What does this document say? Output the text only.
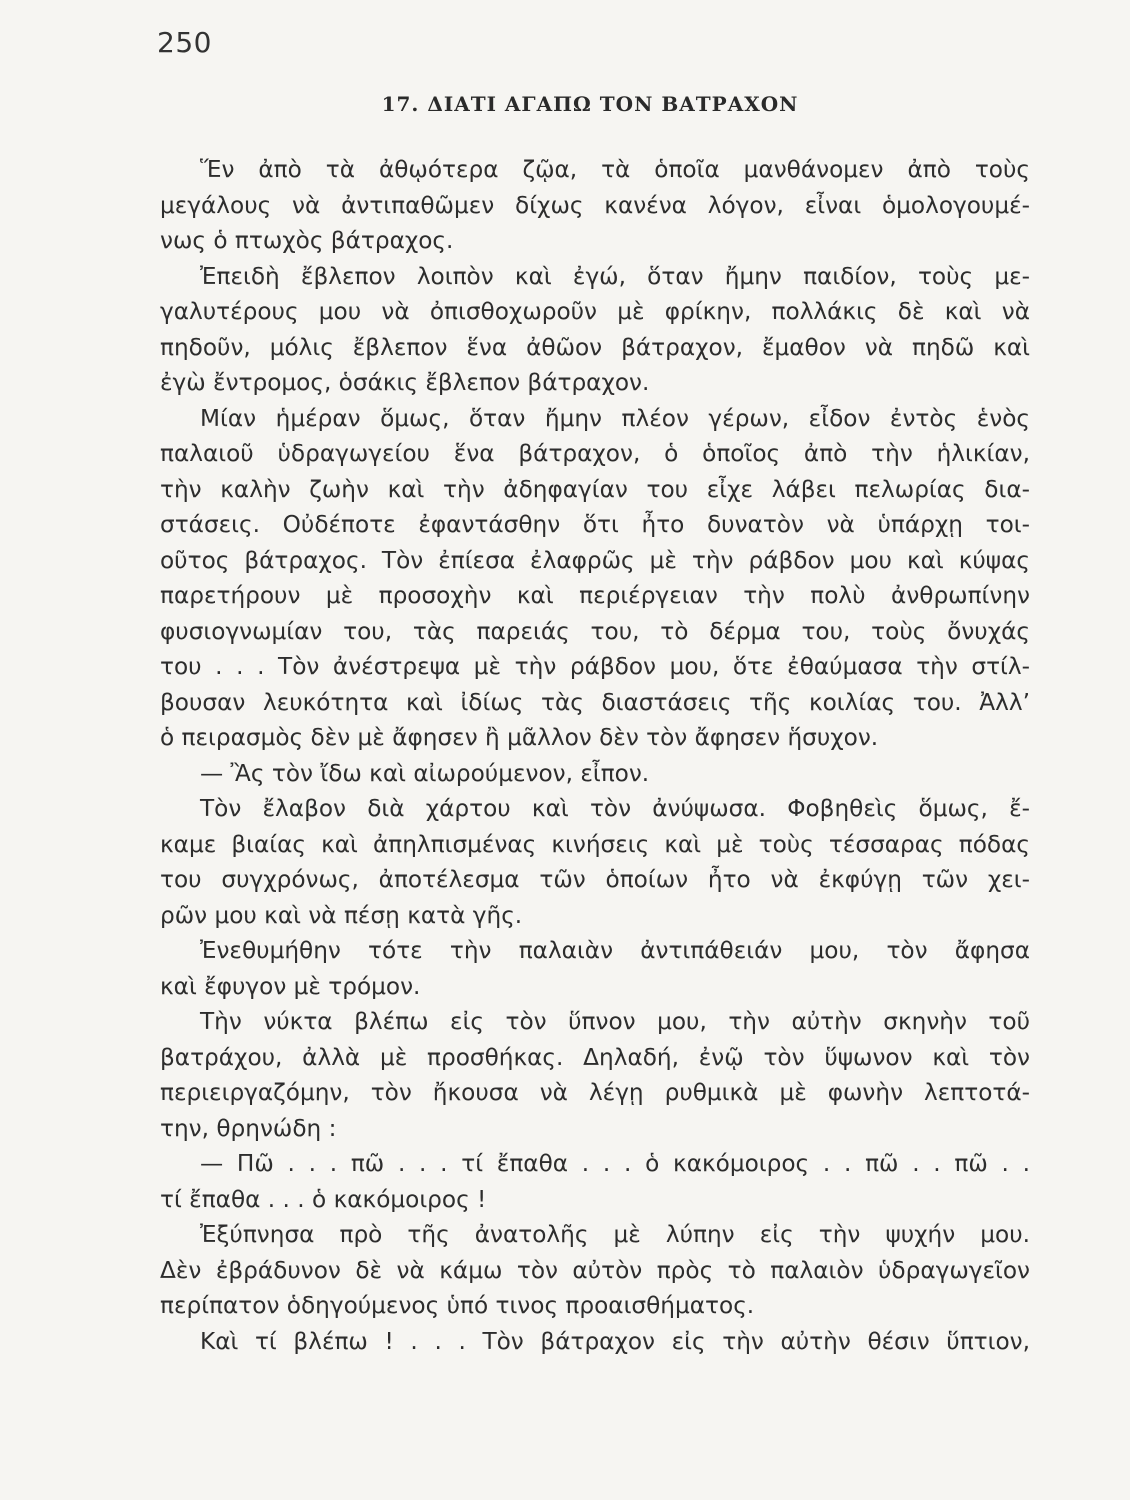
250
17. ΔΙΑΤΙ ΑΓΑΠΩ ΤΟΝ ΒΑΤΡΑΧΟΝ
Ἕν ἀπὸ τὰ ἀθῳότερα ζῷα, τὰ ὁποῖα μανθάνομεν ἀπὸ τοὺς
μεγάλους νὰ ἀντιπαθῶμεν δίχως κανένα λόγον, εἶναι ὁμολογουμέ-
νως ὁ πτωχὸς βάτραχος.
Ἐπειδὴ ἔβλεπον λοιπὸν καὶ ἐγώ, ὅταν ἤμην παιδίον, τοὺς με-
γαλυτέρους μου νὰ ὀπισθοχωροῦν μὲ φρίκην, πολλάκις δὲ καὶ νὰ
πηδοῦν, μόλις ἔβλεπον ἕνα ἀθῶον βάτραχον, ἔμαθον νὰ πηδῶ καὶ
ἐγὼ ἔντρομος, ὁσάκις ἔβλεπον βάτραχον.
Μίαν ἡμέραν ὅμως, ὅταν ἤμην πλέον γέρων, εἶδον ἐντὸς ἑνὸς
παλαιοῦ ὑδραγωγείου ἕνα βάτραχον, ὁ ὁποῖος ἀπὸ τὴν ἡλικίαν,
τὴν καλὴν ζωὴν καὶ τὴν ἀδηφαγίαν του εἶχε λάβει πελωρίας δια-
στάσεις. Οὐδέποτε ἐφαντάσθην ὅτι ἦτο δυνατὸν νὰ ὑπάρχῃ τοι-
οῦτος βάτραχος. Τὸν ἐπίεσα ἐλαφρῶς μὲ τὴν ράβδον μου καὶ κύψας
παρετήρουν μὲ προσοχὴν καὶ περιέργειαν τὴν πολὺ ἀνθρωπίνην
φυσιογνωμίαν του, τὰς παρειάς του, τὸ δέρμα του, τοὺς ὄνυχάς
του . . . Τὸν ἀνέστρεψα μὲ τὴν ράβδον μου, ὅτε ἐθαύμασα τὴν στίλ-
βουσαν λευκότητα καὶ ἰδίως τὰς διαστάσεις τῆς κοιλίας του. Ἀλλ’
ὁ πειρασμὸς δὲν μὲ ἄφησεν ἢ μᾶλλον δὲν τὸν ἄφησεν ἥσυχον.
— Ἂς τὸν ἴδω καὶ αἰωρούμενον, εἶπον.
Τὸν ἔλαβον διὰ χάρτου καὶ τὸν ἀνύψωσα. Φοβηθεὶς ὅμως, ἔ-
καμε βιαίας καὶ ἀπηλπισμένας κινήσεις καὶ μὲ τοὺς τέσσαρας πόδας
του συγχρόνως, ἀποτέλεσμα τῶν ὁποίων ἦτο νὰ ἐκφύγῃ τῶν χει-
ρῶν μου καὶ νὰ πέσῃ κατὰ γῆς.
Ἐνεθυμήθην τότε τὴν παλαιὰν ἀντιπάθειάν μου, τὸν ἄφησα
καὶ ἔφυγον μὲ τρόμον.
Τὴν νύκτα βλέπω εἰς τὸν ὕπνον μου, τὴν αὐτὴν σκηνὴν τοῦ
βατράχου, ἀλλὰ μὲ προσθήκας. Δηλαδή, ἐνῷ τὸν ὕψωνον καὶ τὸν
περιειργαζόμην, τὸν ἤκουσα νὰ λέγῃ ρυθμικὰ μὲ φωνὴν λεπτοτά-
την, θρηνώδη :
— Πῶ . . . πῶ . . . τί ἔπαθα . . . ὁ κακόμοιρος . . πῶ . . πῶ . .
τί ἔπαθα . . . ὁ κακόμοιρος !
Ἐξύπνησα πρὸ τῆς ἀνατολῆς μὲ λύπην εἰς τὴν ψυχήν μου.
Δὲν ἐβράδυνον δὲ νὰ κάμω τὸν αὐτὸν πρὸς τὸ παλαιὸν ὑδραγωγεῖον
περίπατον ὁδηγούμενος ὑπό τινος προαισθήματος.
Καὶ τί βλέπω ! . . . Τὸν βάτραχον εἰς τὴν αὐτὴν θέσιν ὕπτιον,
